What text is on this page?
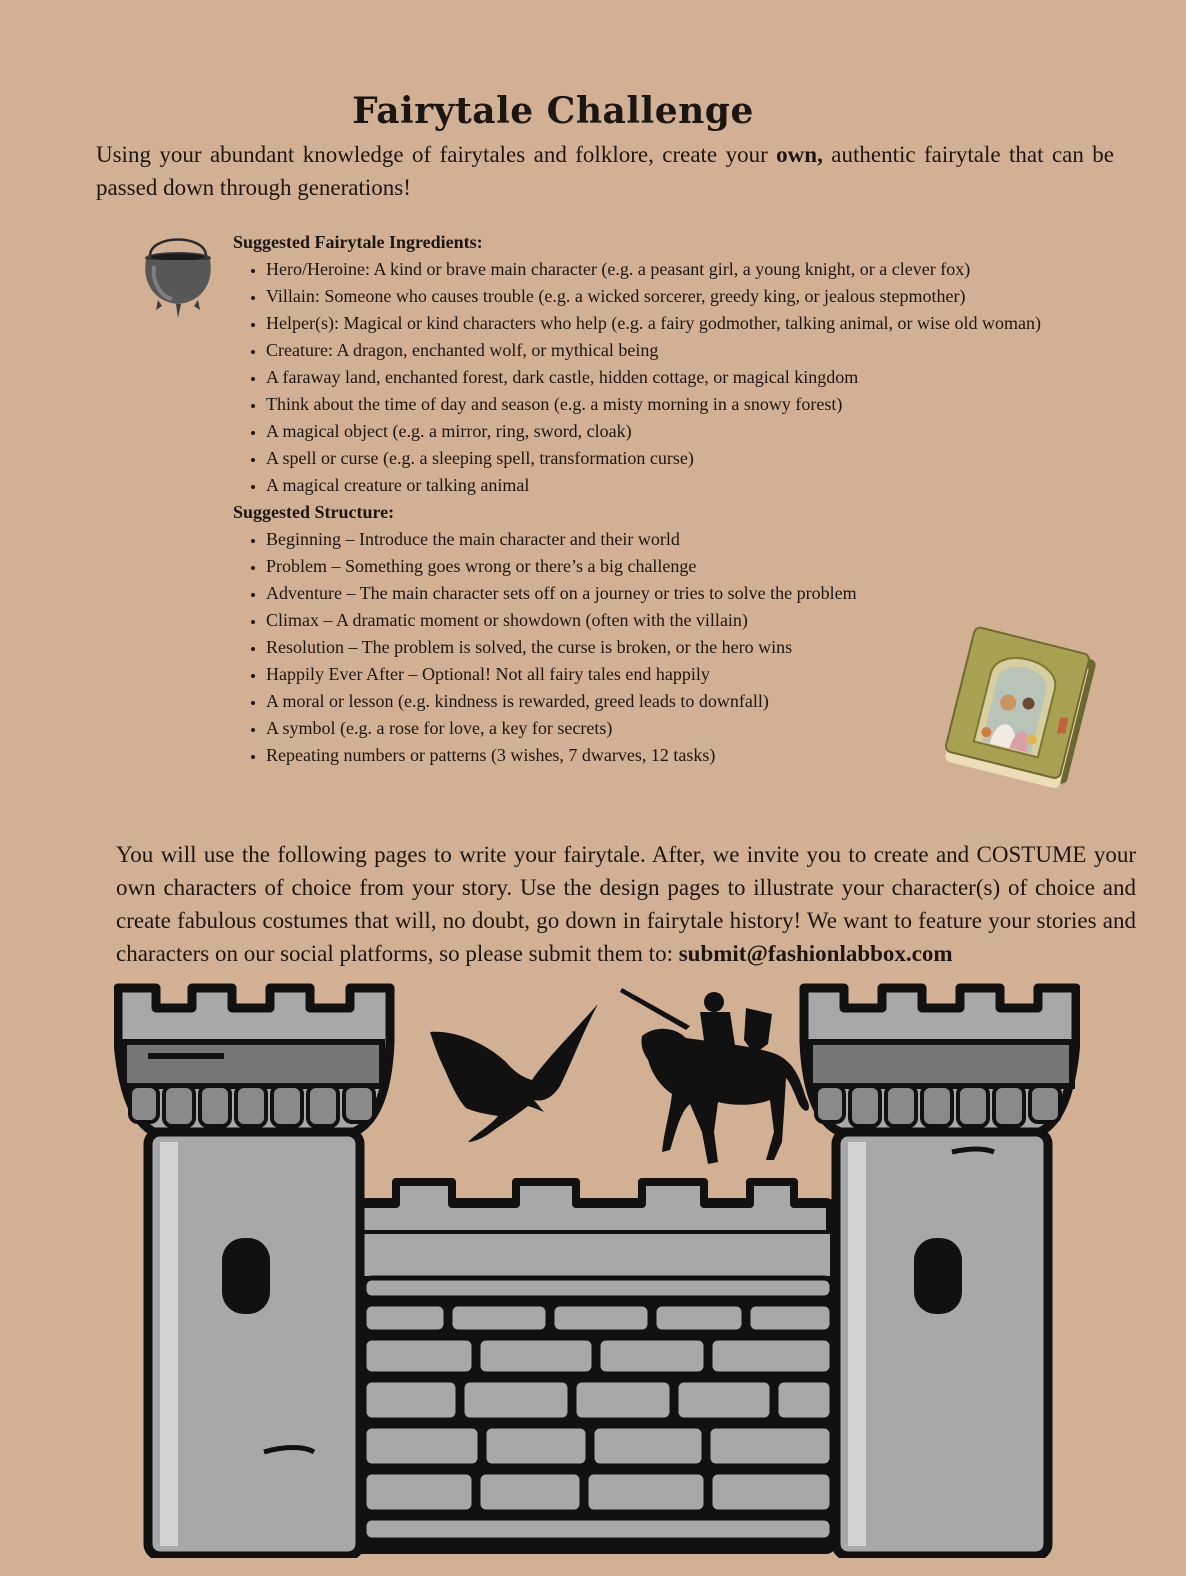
Fairytale Challenge

Using your abundant knowledge of fairytales and folklore, create your own, authentic fairytale that can be passed down through generations!

Suggested Fairytale Ingredients:
• Hero/Heroine: A kind or brave main character (e.g. a peasant girl, a young knight, or a clever fox)
• Villain: Someone who causes trouble (e.g. a wicked sorcerer, greedy king, or jealous stepmother)
• Helper(s): Magical or kind characters who help (e.g. a fairy godmother, talking animal, or wise old woman)
• Creature: A dragon, enchanted wolf, or mythical being
• A faraway land, enchanted forest, dark castle, hidden cottage, or magical kingdom
• Think about the time of day and season (e.g. a misty morning in a snowy forest)
• A magical object (e.g. a mirror, ring, sword, cloak)
• A spell or curse (e.g. a sleeping spell, transformation curse)
• A magical creature or talking animal
Suggested Structure:
• Beginning – Introduce the main character and their world
• Problem – Something goes wrong or there’s a big challenge
• Adventure – The main character sets off on a journey or tries to solve the problem
• Climax – A dramatic moment or showdown (often with the villain)
• Resolution – The problem is solved, the curse is broken, or the hero wins
• Happily Ever After – Optional! Not all fairy tales end happily
• A moral or lesson (e.g. kindness is rewarded, greed leads to downfall)
• A symbol (e.g. a rose for love, a key for secrets)
• Repeating numbers or patterns (3 wishes, 7 dwarves, 12 tasks)

You will use the following pages to write your fairytale. After, we invite you to create and COSTUME your own characters of choice from your story. Use the design pages to illustrate your character(s) of choice and create fabulous costumes that will, no doubt, go down in fairytale history! We want to feature your stories and characters on our social platforms, so please submit them to: submit@fashionlabbox.com
